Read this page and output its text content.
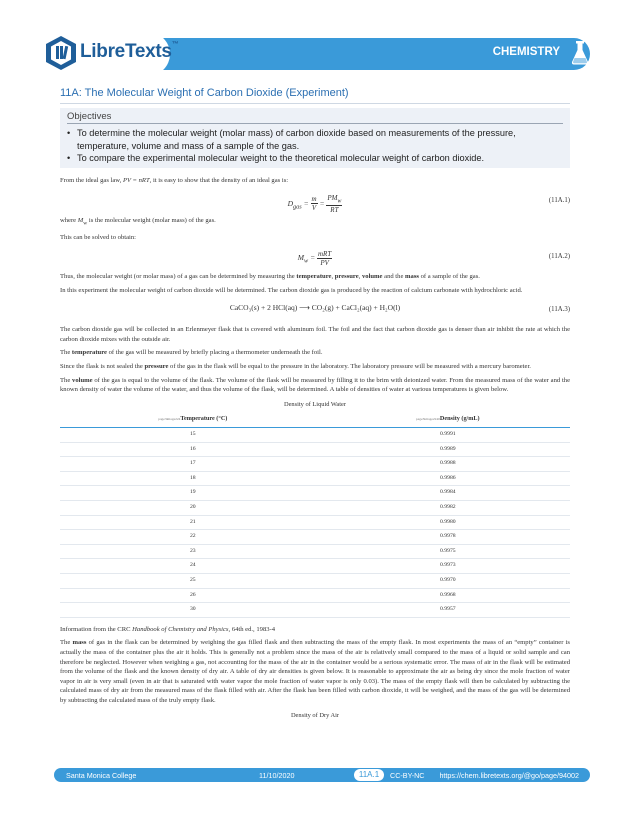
LibreTexts™
CHEMISTRY
11A: The Molecular Weight of Carbon Dioxide (Experiment)
Objectives
• To determine the molecular weight (molar mass) of carbon dioxide based on measurements of the pressure, temperature, volume and mass of a sample of the gas.
• To compare the experimental molecular weight to the theoretical molecular weight of carbon dioxide.

From the ideal gas law, PV = nRT, it is easy to show that the density of an ideal gas is:

$D_{gas} = \frac{m}{V} = \frac{PM_w}{RT}$	(11A.1)

where $M_w$ is the molecular weight (molar mass) of the gas.

This can be solved to obtain:

$M_w = \frac{\text{mRT}}{PV}$	(11A.2)

Thus, the molecular weight (or molar mass) of a gas can be determined by measuring the temperature, pressure, volume and the mass of a sample of the gas.

In this experiment the molecular weight of carbon dioxide will be determined. The carbon dioxide gas is produced by the reaction of calcium carbonate with hydrochloric acid.

CaCO₃(s) + 2 HCl(aq) ⟶ CO₂(g) + CaCl₂(aq) + H₂O(l)	(11A.3)

The carbon dioxide gas will be collected in an Erlenmeyer flask that is covered with aluminum foil. The foil and the fact that carbon dioxide gas is denser than air inhibit the rate at which the carbon dioxide mixes with the outside air.

The temperature of the gas will be measured by briefly placing a thermometer underneath the foil.

Since the flask is not sealed the pressure of the gas in the flask will be equal to the pressure in the laboratory. The laboratory pressure will be measured with a mercury barometer.

The volume of the gas is equal to the volume of the flask. The volume of the flask will be measured by filling it to the brim with deionized water. From the measured mass of the water and the known density of water the volume of the water, and thus the volume of the flask, will be determined. A table of densities of water at various temperatures is given below.

Density of Liquid Water
page3image224Temperature (°C)	page3image2240Density (g/mL)
15	0.9991
16	0.9989
17	0.9988
18	0.9986
19	0.9984
20	0.9982
21	0.9980
22	0.9978
23	0.9975
24	0.9973
25	0.9970
26	0.9968
30	0.9957

Information from the CRC Handbook of Chemistry and Physics, 64th ed., 1983-4

The mass of gas in the flask can be determined by weighing the gas filled flask and then subtracting the mass of the empty flask. In most experiments the mass of an “empty” container is actually the mass of the container plus the air it holds. This is generally not a problem since the mass of the air is relatively small compared to the mass of a liquid or solid sample and can therefore be neglected. However when weighing a gas, not accounting for the mass of the air in the container would be a serious systematic error. The mass of air in the flask will be estimated from the volume of the flask and the known density of dry air. A table of dry air densities is given below. It is reasonable to approximate the air as being dry since the mole fraction of water vapor in air is very small (even in air that is saturated with water vapor the mole fraction of water vapor is only 0.03). The mass of the empty flask will then be calculated by subtracting the calculated mass of dry air from the measured mass of the flask filled with air. After the flask has been filled with carbon dioxide, it will be weighed, and the mass of the gas will be determined by subtracting the calculated mass of the truly empty flask.

Density of Dry Air
Santa Monica College	11/10/2020	11A.1	CC-BY-NC	https://chem.libretexts.org/@go/page/94002
